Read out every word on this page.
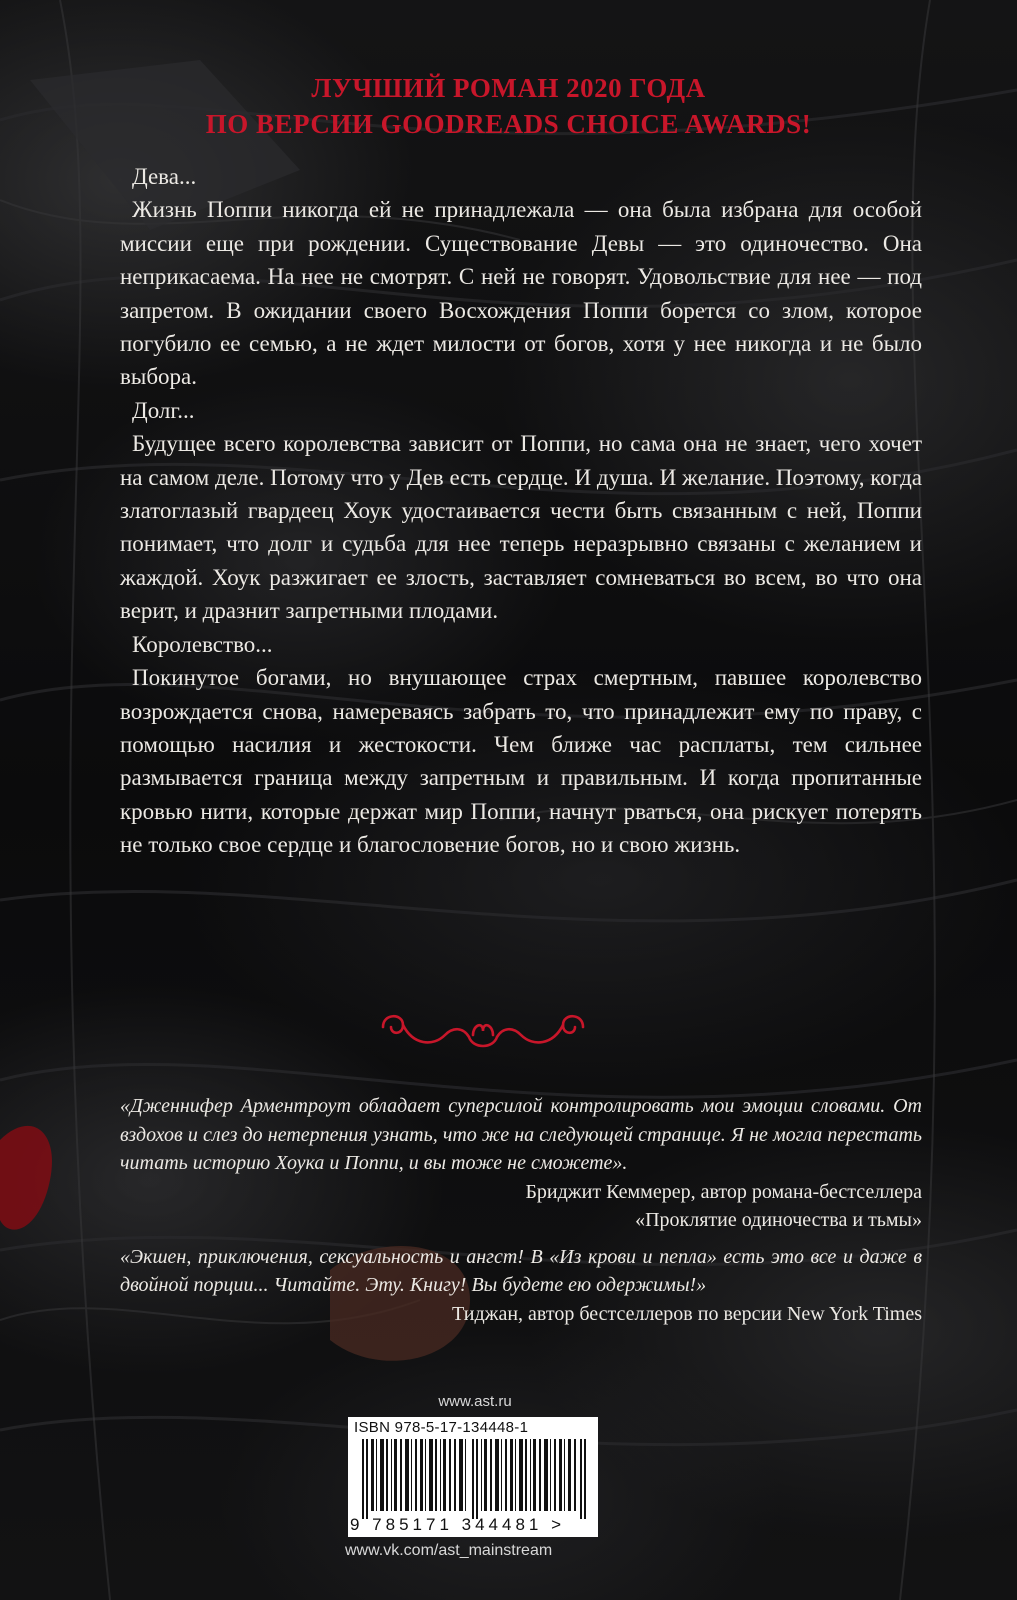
ЛУЧШИЙ РОМАН 2020 ГОДА
ПО ВЕРСИИ GOODREADS CHOICE AWARDS!

Дева...

Жизнь Поппи никогда ей не принадлежала — она была избрана для особой миссии еще при рождении. Существование Девы — это одиночество. Она неприкасаема. На нее не смотрят. С ней не говорят. Удовольствие для нее — под запретом. В ожидании своего Восхождения Поппи борется со злом, которое погубило ее семью, а не ждет милости от богов, хотя у нее никогда и не было выбора.

Долг...

Будущее всего королевства зависит от Поппи, но сама она не знает, чего хочет на самом деле. Потому что у Дев есть сердце. И душа. И желание. Поэтому, когда златоглазый гвардеец Хоук удостаивается чести быть связанным с ней, Поппи понимает, что долг и судьба для нее теперь неразрывно связаны с желанием и жаждой. Хоук разжигает ее злость, заставляет сомневаться во всем, во что она верит, и дразнит запретными плодами.

Королевство...

Покинутое богами, но внушающее страх смертным, павшее королевство возрождается снова, намереваясь забрать то, что принадлежит ему по праву, с помощью насилия и жестокости. Чем ближе час расплаты, тем сильнее размывается граница между запретным и правильным. И когда пропитанные кровью нити, которые держат мир Поппи, начнут рваться, она рискует потерять не только свое сердце и благословение богов, но и свою жизнь.

«Дженнифер Арментроут обладает суперсилой контролировать мои эмоции словами. От вздохов и слез до нетерпения узнать, что же на следующей странице. Я не могла перестать читать историю Хоука и Поппи, и вы тоже не сможете».

Бриджит Кеммерер, автор романа-бестселлера

«Проклятие одиночества и тьмы»

«Экшен, приключения, сексуальность и ангст! В «Из крови и пепла» есть это все и даже в двойной порции... Читайте. Эту. Книгу! Вы будете ею одержимы!»

Тиджан, автор бестселлеров по версии New York Times

www.ast.ru
ISBN 978-5-17-134448-1
9 785171 344481 >
www.vk.com/ast_mainstream
